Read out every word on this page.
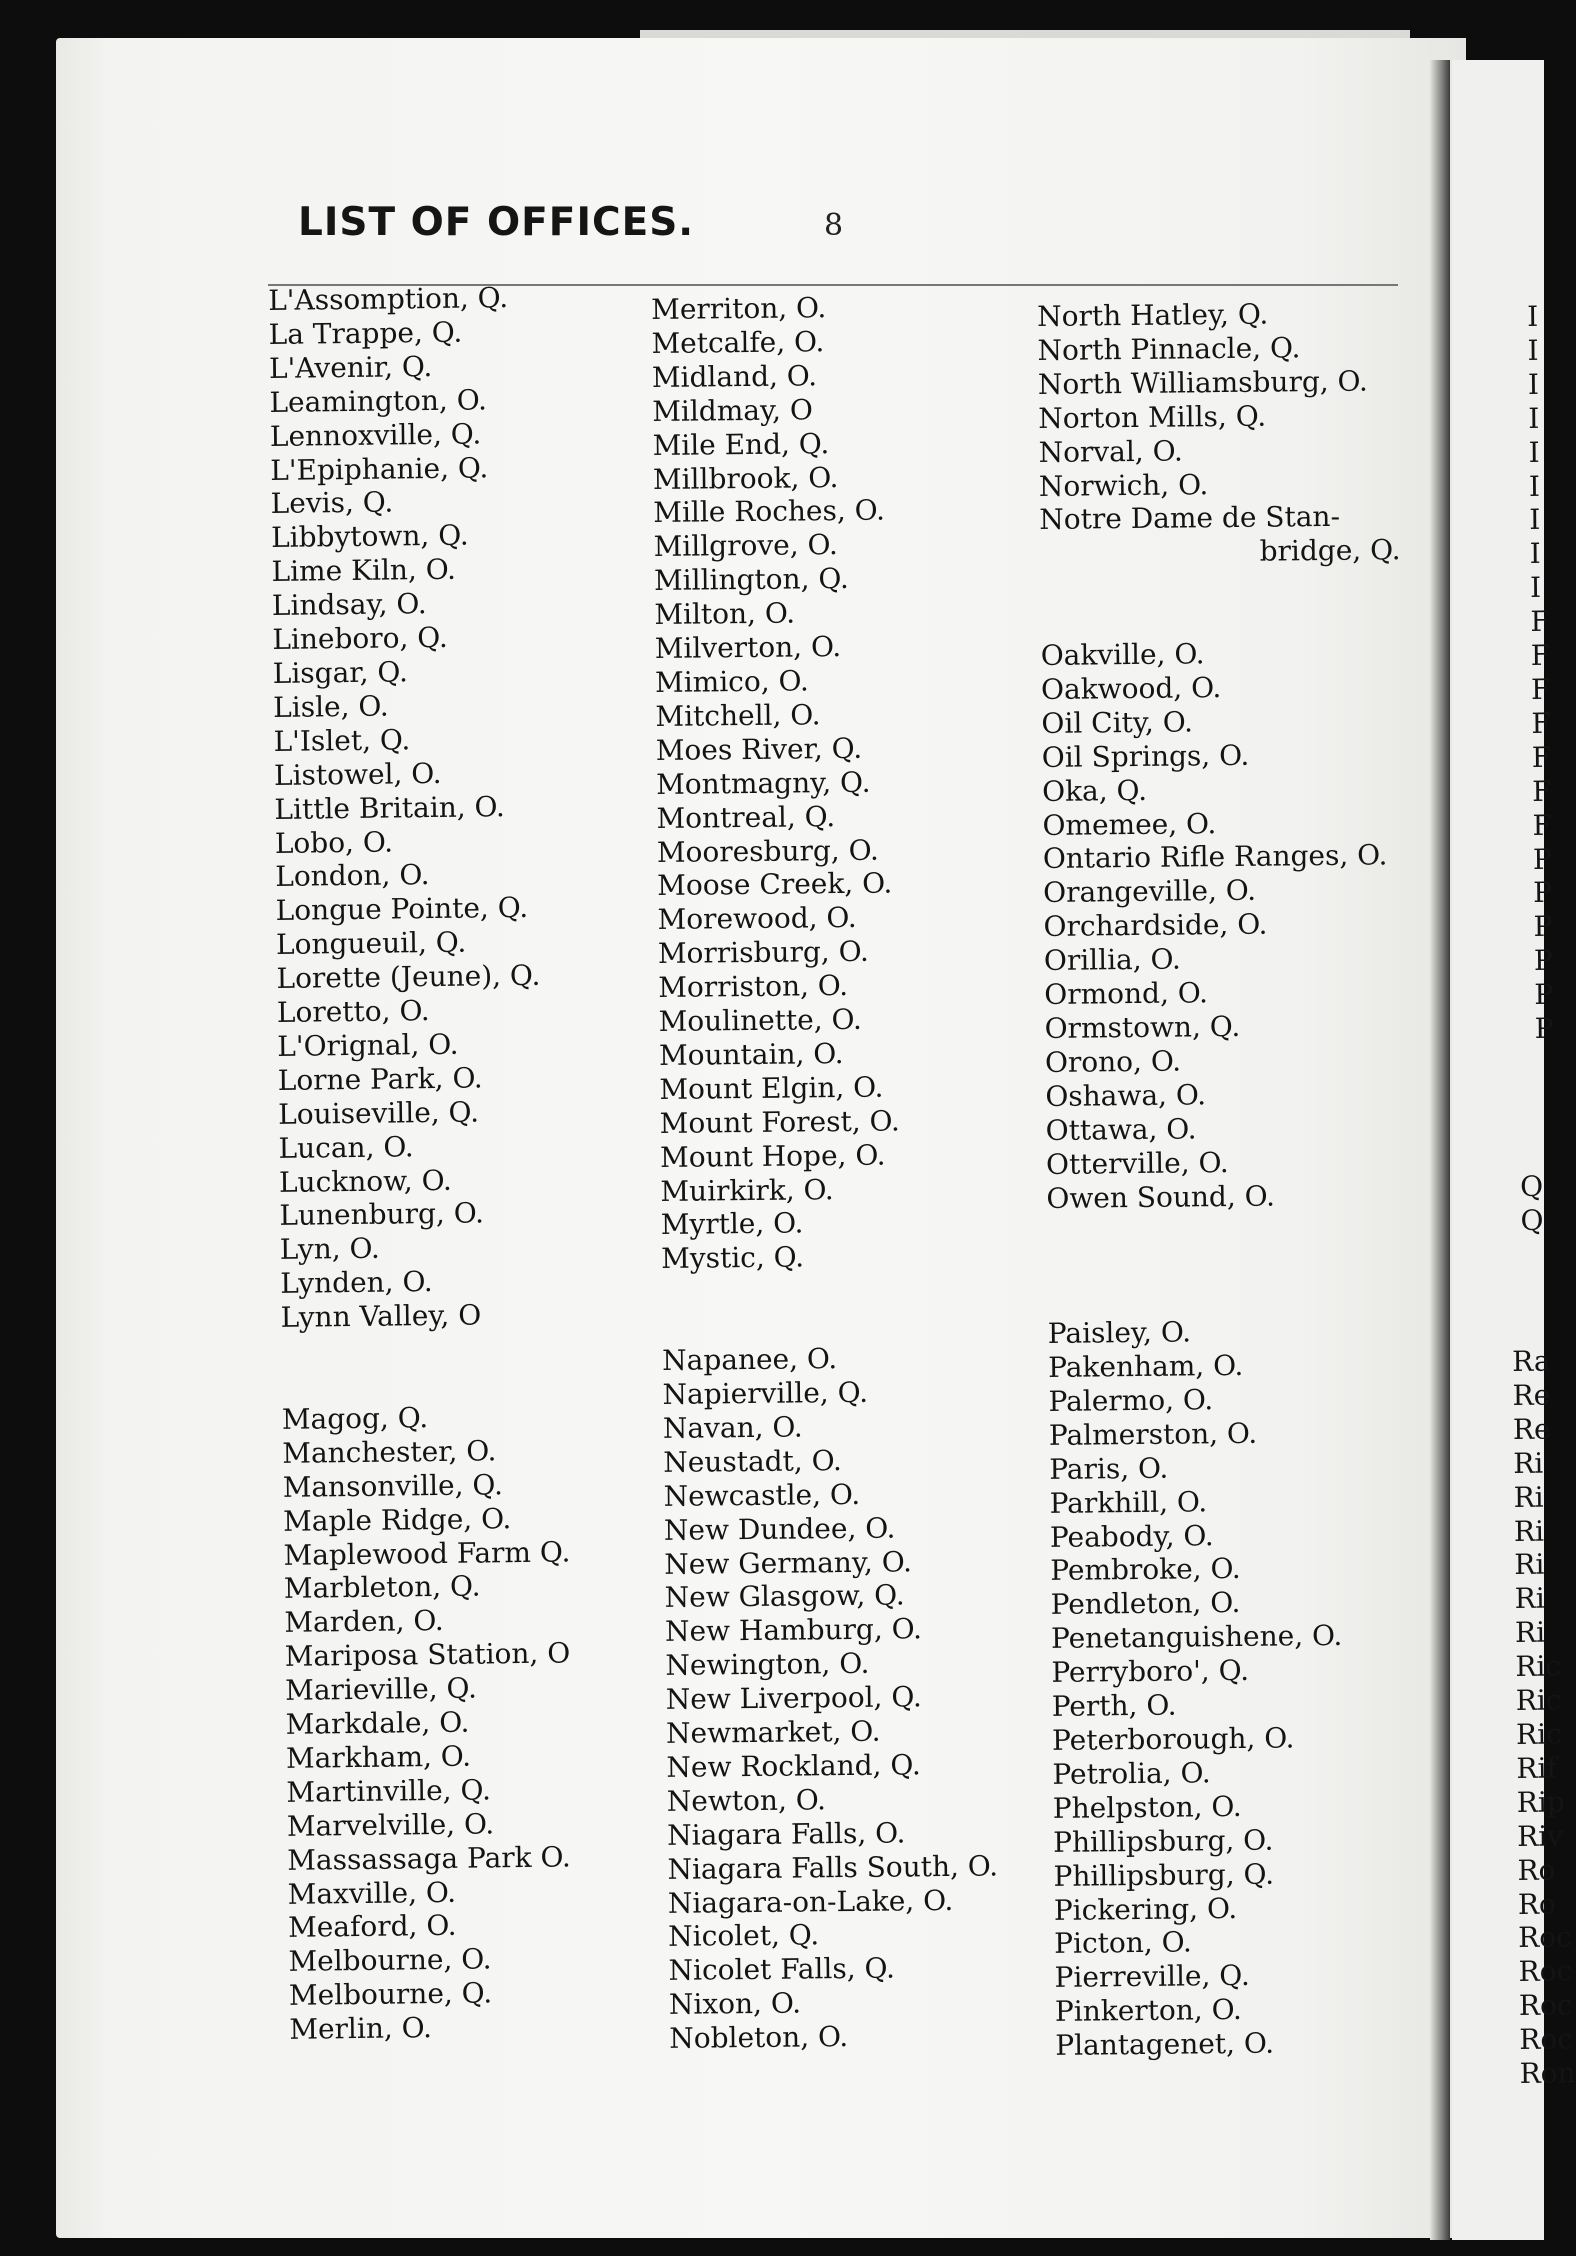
LIST OF OFFICES.	8
L'Assomption, Q.
La Trappe, Q.
L'Avenir, Q.
Leamington, O.
Lennoxville, Q.
L'Epiphanie, Q.
Levis, Q.
Libbytown, Q.
Lime Kiln, O.
Lindsay, O.
Lineboro, Q.
Lisgar, Q.
Lisle, O.
L'Islet, Q.
Listowel, O.
Little Britain, O.
Lobo, O.
London, O.
Longue Pointe, Q.
Longueuil, Q.
Lorette (Jeune), Q.
Loretto, O.
L'Orignal, O.
Lorne Park, O.
Louiseville, Q.
Lucan, O.
Lucknow, O.
Lunenburg, O.
Lyn, O.
Lynden, O.
Lynn Valley, O
Magog, Q.
Manchester, O.
Mansonville, Q.
Maple Ridge, O.
Maplewood Farm Q.
Marbleton, Q.
Marden, O.
Mariposa Station, O
Marieville, Q.
Markdale, O.
Markham, O.
Martinville, Q.
Marvelville, O.
Massassaga Park O.
Maxville, O.
Meaford, O.
Melbourne, O.
Melbourne, Q.
Merlin, O.
Merriton, O.
Metcalfe, O.
Midland, O.
Mildmay, O
Mile End, Q.
Millbrook, O.
Mille Roches, O.
Millgrove, O.
Millington, Q.
Milton, O.
Milverton, O.
Mimico, O.
Mitchell, O.
Moes River, Q.
Montmagny, Q.
Montreal, Q.
Mooresburg, O.
Moose Creek, O.
Morewood, O.
Morrisburg, O.
Morriston, O.
Moulinette, O.
Mountain, O.
Mount Elgin, O.
Mount Forest, O.
Mount Hope, O.
Muirkirk, O.
Myrtle, O.
Mystic, Q.
Napanee, O.
Napierville, Q.
Navan, O.
Neustadt, O.
Newcastle, O.
New Dundee, O.
New Germany, O.
New Glasgow, Q.
New Hamburg, O.
Newington, O.
New Liverpool, Q.
Newmarket, O.
New Rockland, Q.
Newton, O.
Niagara Falls, O.
Niagara Falls South, O.
Niagara-on-Lake, O.
Nicolet, Q.
Nicolet Falls, Q.
Nixon, O.
Nobleton, O.
North Hatley, Q.
North Pinnacle, Q.
North Williamsburg, O.
Norton Mills, Q.
Norval, O.
Norwich, O.
Notre Dame de Stan-
bridge, Q.
Oakville, O.
Oakwood, O.
Oil City, O.
Oil Springs, O.
Oka, Q.
Omemee, O.
Ontario Rifle Ranges, O.
Orangeville, O.
Orchardside, O.
Orillia, O.
Ormond, O.
Ormstown, Q.
Orono, O.
Oshawa, O.
Ottawa, O.
Otterville, O.
Owen Sound, O.
Paisley, O.
Pakenham, O.
Palermo, O.
Palmerston, O.
Paris, O.
Parkhill, O.
Peabody, O.
Pembroke, O.
Pendleton, O.
Penetanguishene, O.
Perryboro', Q.
Perth, O.
Peterborough, O.
Petrolia, O.
Phelpston, O.
Phillipsburg, O.
Phillipsburg, Q.
Pickering, O.
Picton, O.
Pierreville, Q.
Pinkerton, O.
Plantagenet, O.
I
I
I
I
I
I
I
I
I
F
F
F
F
F
F
F
P
P
P
P
P
P
Q
Q
Ra
Re
Re
Ri
Ri
Ri
Ri
Ri
Ri
Ric
Ric
Ric
Rif
Rip
Riv
Ro
Ro
Roc
Roc
Roc
Roc
Ron
